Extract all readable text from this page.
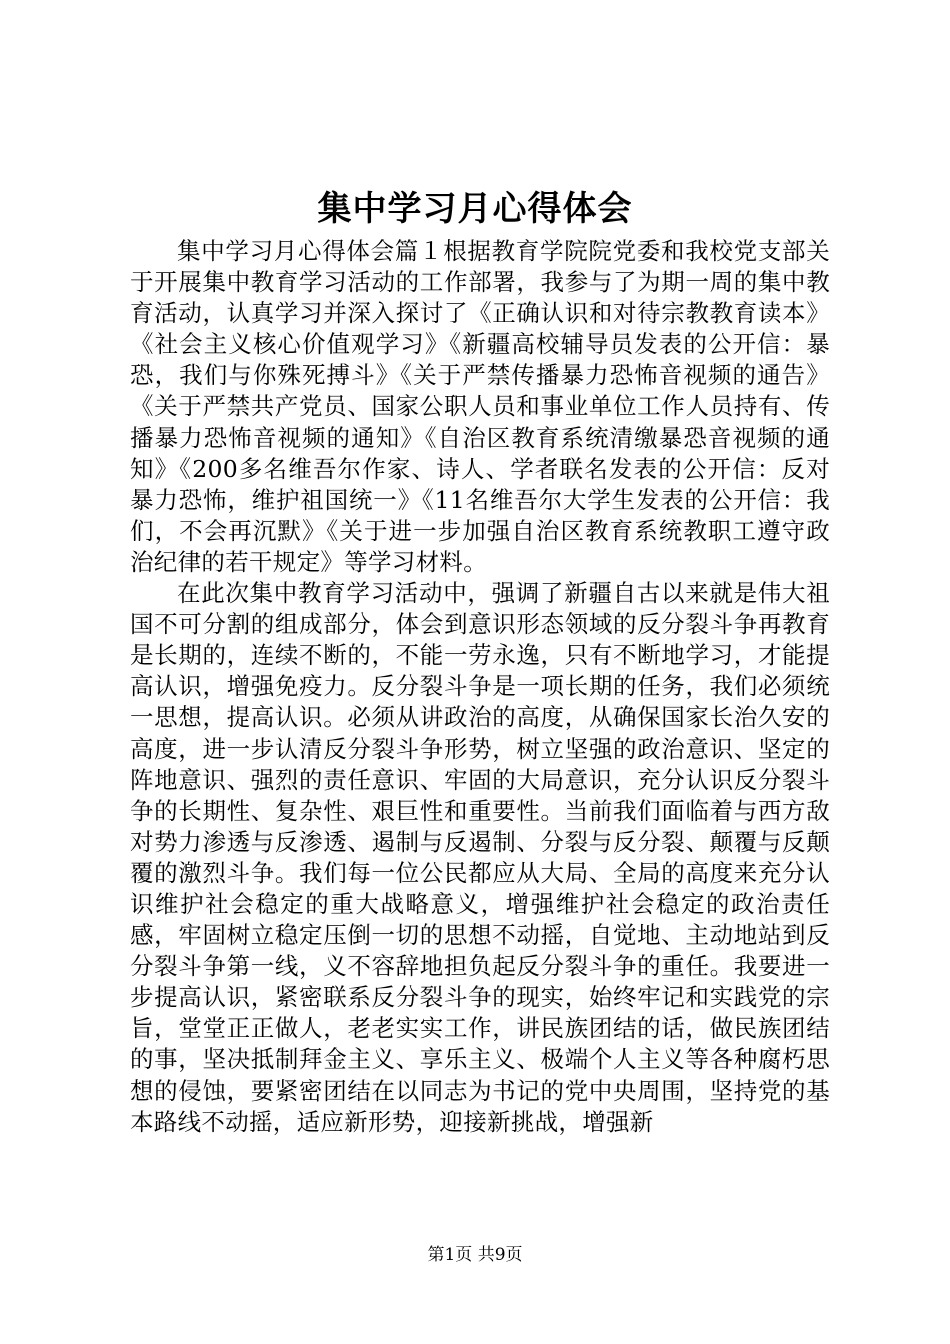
集中学习月心得体会

集中学习月心得体会篇１根据教育学院院党委和我校党支部关于开展集中教育学习活动的工作部署，我参与了为期一周的集中教育活动，认真学习并深入探讨了《正确认识和对待宗教教育读本》《社会主义核心价值观学习》《新疆高校辅导员发表的公开信：暴恐，我们与你殊死搏斗》《关于严禁传播暴力恐怖音视频的通告》《关于严禁共产党员、国家公职人员和事业单位工作人员持有、传播暴力恐怖音视频的通知》《自治区教育系统清缴暴恐音视频的通知》《200多名维吾尔作家、诗人、学者联名发表的公开信：反对暴力恐怖，维护祖国统一》《11名维吾尔大学生发表的公开信：我们，不会再沉默》《关于进一步加强自治区教育系统教职工遵守政治纪律的若干规定》等学习材料。

在此次集中教育学习活动中，强调了新疆自古以来就是伟大祖国不可分割的组成部分，体会到意识形态领域的反分裂斗争再教育是长期的，连续不断的，不能一劳永逸，只有不断地学习，才能提高认识，增强免疫力。反分裂斗争是一项长期的任务，我们必须统一思想，提高认识。必须从讲政治的高度，从确保国家长治久安的高度，进一步认清反分裂斗争形势，树立坚强的政治意识、坚定的阵地意识、强烈的责任意识、牢固的大局意识，充分认识反分裂斗争的长期性、复杂性、艰巨性和重要性。当前我们面临着与西方敌对势力渗透与反渗透、遏制与反遏制、分裂与反分裂、颠覆与反颠覆的激烈斗争。我们每一位公民都应从大局、全局的高度来充分认识维护社会稳定的重大战略意义，增强维护社会稳定的政治责任感，牢固树立稳定压倒一切的思想不动摇，自觉地、主动地站到反分裂斗争第一线，义不容辞地担负起反分裂斗争的重任。我要进一步提高认识，紧密联系反分裂斗争的现实，始终牢记和实践党的宗旨，堂堂正正做人，老老实实工作，讲民族团结的话，做民族团结的事，坚决抵制拜金主义、享乐主义、极端个人主义等各种腐朽思想的侵蚀，要紧密团结在以同志为书记的党中央周围，坚持党的基本路线不动摇，适应新形势，迎接新挑战，增强新

第1页 共9页
